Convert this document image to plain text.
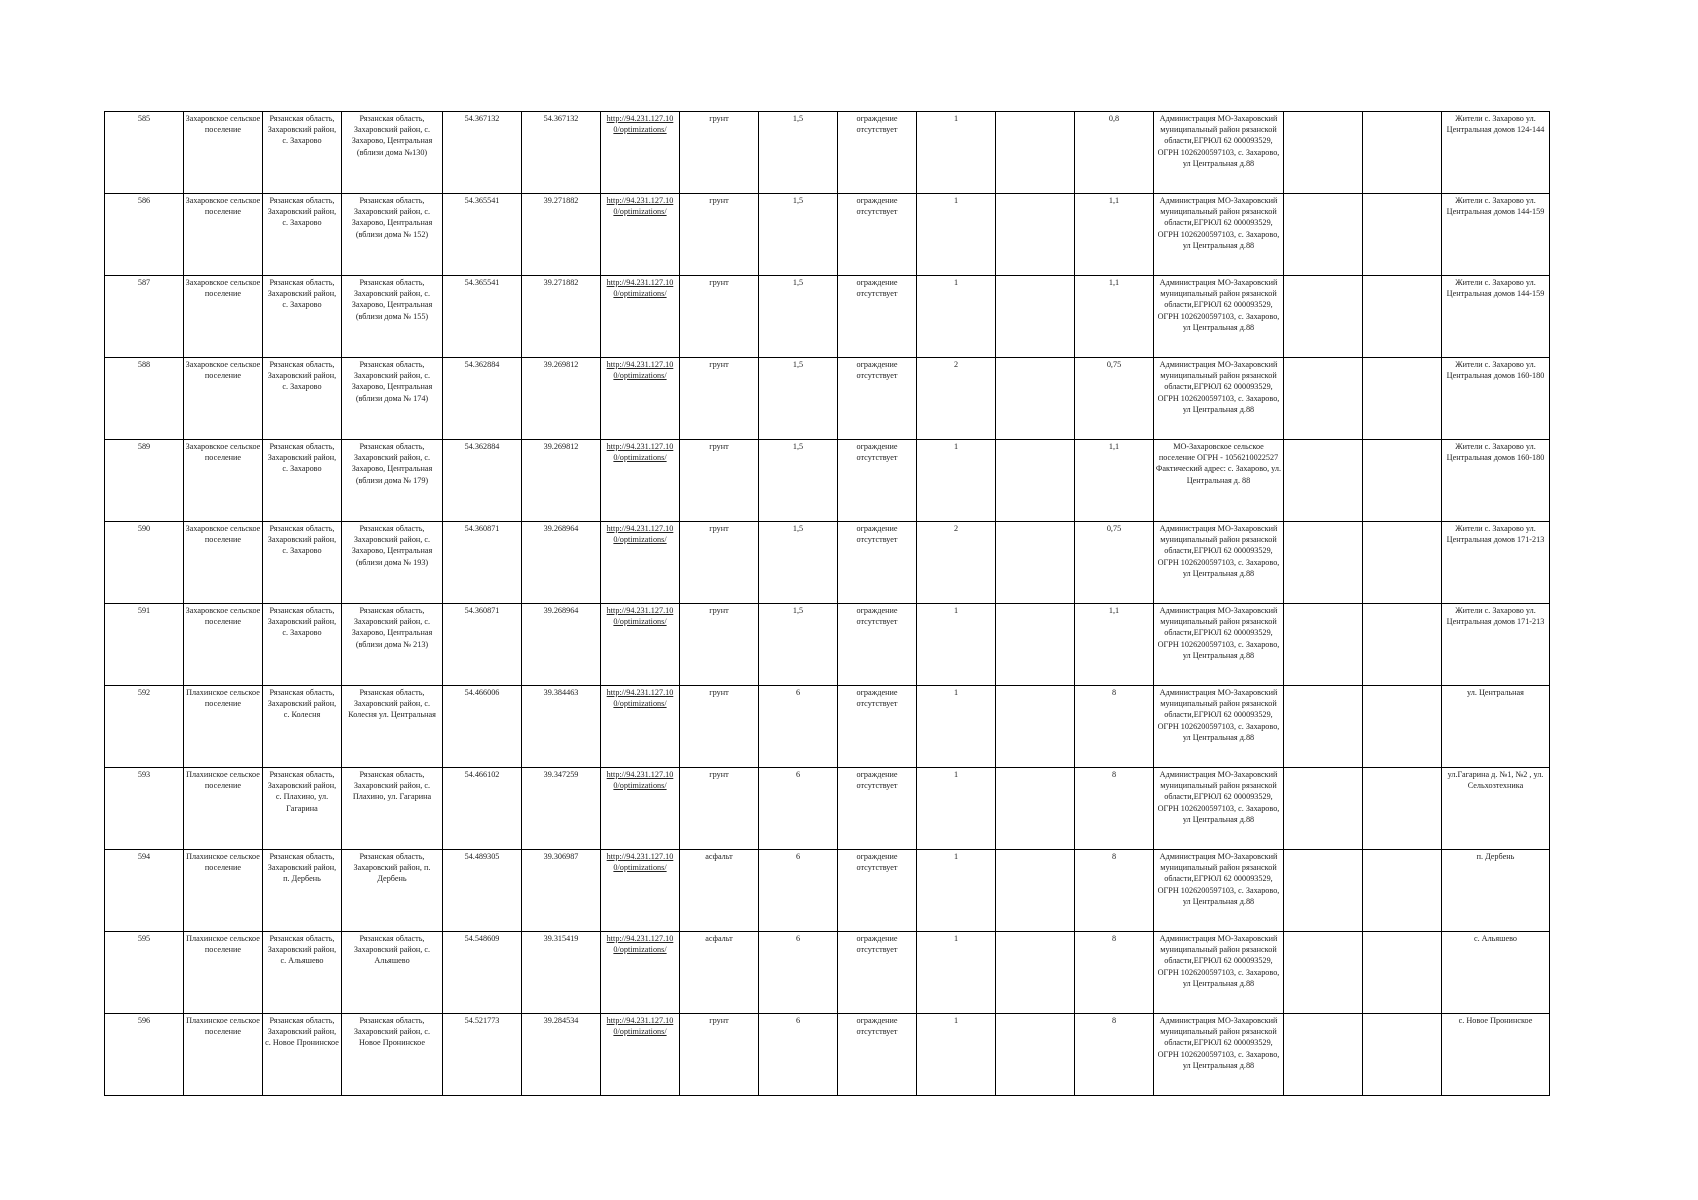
585	Захаровское сельское поселение	Рязанская область, Захаровский район, с. Захарово	Рязанская область, Захаровский район, с. Захарово, Центральная (вблизи дома №130)	54.367132	54.367132	http://94.231.127.10 0/optimizations/	грунт	1,5	ограждение отсутствует	1		0,8	Администрация МО-Захаровский муниципальный район рязанской области,ЕГРЮЛ 62 000093529, ОГРН 1026200597103, с. Захарово, ул Центральная д.88			Жители с. Захарово ул. Центральная домов 124-144
586	Захаровское сельское поселение	Рязанская область, Захаровский район, с. Захарово	Рязанская область, Захаровский район, с. Захарово, Центральная (вблизи дома № 152)	54.365541	39.271882	http://94.231.127.10 0/optimizations/	грунт	1,5	ограждение отсутствует	1		1,1	Администрация МО-Захаровский муниципальный район рязанской области,ЕГРЮЛ 62 000093529, ОГРН 1026200597103, с. Захарово, ул Центральная д.88			Жители с. Захарово ул. Центральная домов 144-159
587	Захаровское сельское поселение	Рязанская область, Захаровский район, с. Захарово	Рязанская область, Захаровский район, с. Захарово, Центральная (вблизи дома № 155)	54.365541	39.271882	http://94.231.127.10 0/optimizations/	грунт	1,5	ограждение отсутствует	1		1,1	Администрация МО-Захаровский муниципальный район рязанской области,ЕГРЮЛ 62 000093529, ОГРН 1026200597103, с. Захарово, ул Центральная д.88			Жители с. Захарово ул. Центральная домов 144-159
588	Захаровское сельское поселение	Рязанская область, Захаровский район, с. Захарово	Рязанская область, Захаровский район, с. Захарово, Центральная (вблизи дома № 174)	54.362884	39.269812	http://94.231.127.10 0/optimizations/	грунт	1,5	ограждение отсутствует	2		0,75	Администрация МО-Захаровский муниципальный район рязанской области,ЕГРЮЛ 62 000093529, ОГРН 1026200597103, с. Захарово, ул Центральная д.88			Жители с. Захарово ул. Центральная домов 160-180
589	Захаровское сельское поселение	Рязанская область, Захаровский район, с. Захарово	Рязанская область, Захаровский район, с. Захарово, Центральная (вблизи дома № 179)	54.362884	39.269812	http://94.231.127.10 0/optimizations/	грунт	1,5	ограждение отсутствует	1		1,1	МО-Захаровское сельское поселение ОГРН - 1056210022527 Фактический адрес: с. Захарово, ул. Центральная д. 88			Жители с. Захарово ул. Центральная домов 160-180
590	Захаровское сельское поселение	Рязанская область, Захаровский район, с. Захарово	Рязанская область, Захаровский район, с. Захарово, Центральная (вблизи дома № 193)	54.360871	39.268964	http://94.231.127.10 0/optimizations/	грунт	1,5	ограждение отсутствует	2		0,75	Администрация МО-Захаровский муниципальный район рязанской области,ЕГРЮЛ 62 000093529, ОГРН 1026200597103, с. Захарово, ул Центральная д.88			Жители с. Захарово ул. Центральная домов 171-213
591	Захаровское сельское поселение	Рязанская область, Захаровский район, с. Захарово	Рязанская область, Захаровский район, с. Захарово, Центральная (вблизи дома № 213)	54.360871	39.268964	http://94.231.127.10 0/optimizations/	грунт	1,5	ограждение отсутствует	1		1,1	Администрация МО-Захаровский муниципальный район рязанской области,ЕГРЮЛ 62 000093529, ОГРН 1026200597103, с. Захарово, ул Центральная д.88			Жители с. Захарово ул. Центральная домов 171-213
592	Плахинское сельское поселение	Рязанская область, Захаровский район, с. Колесня	Рязанская область, Захаровский район, с. Колесня ул. Центральная	54.466006	39.384463	http://94.231.127.10 0/optimizations/	грунт	6	ограждение отсутствует	1		8	Администрация МО-Захаровский муниципальный район рязанской области,ЕГРЮЛ 62 000093529, ОГРН 1026200597103, с. Захарово, ул Центральная д.88			ул. Центральная
593	Плахинское сельское поселение	Рязанская область, Захаровский район, с. Плахино, ул. Гагарина	Рязанская область, Захаровский район, с. Плахино, ул. Гагарина	54.466102	39.347259	http://94.231.127.10 0/optimizations/	грунт	6	ограждение отсутствует	1		8	Администрация МО-Захаровский муниципальный район рязанской области,ЕГРЮЛ 62 000093529, ОГРН 1026200597103, с. Захарово, ул Центральная д.88			ул.Гагарина д. №1, №2 , ул. Сельхозтехника
594	Плахинское сельское поселение	Рязанская область, Захаровский район, п. Дербень	Рязанская область, Захаровский район, п. Дербень	54.489305	39.306987	http://94.231.127.10 0/optimizations/	асфальт	6	ограждение отсутствует	1		8	Администрация МО-Захаровский муниципальный район рязанской области,ЕГРЮЛ 62 000093529, ОГРН 1026200597103, с. Захарово, ул Центральная д.88			п. Дербень
595	Плахинское сельское поселение	Рязанская область, Захаровский район, с. Альяшево	Рязанская область, Захаровский район, с. Альяшево	54.548609	39.315419	http://94.231.127.10 0/optimizations/	асфальт	6	ограждение отсутствует	1		8	Администрация МО-Захаровский муниципальный район рязанской области,ЕГРЮЛ 62 000093529, ОГРН 1026200597103, с. Захарово, ул Центральная д.88			с. Альяшево
596	Плахинское сельское поселение	Рязанская область, Захаровский район, с. Новое Пронинское	Рязанская область, Захаровский район, с. Новое Пронинское	54.521773	39.284534	http://94.231.127.10 0/optimizations/	грунт	6	ограждение отсутствует	1		8	Администрация МО-Захаровский муниципальный район рязанской области,ЕГРЮЛ 62 000093529, ОГРН 1026200597103, с. Захарово, ул Центральная д.88			с. Новое Пронинское
